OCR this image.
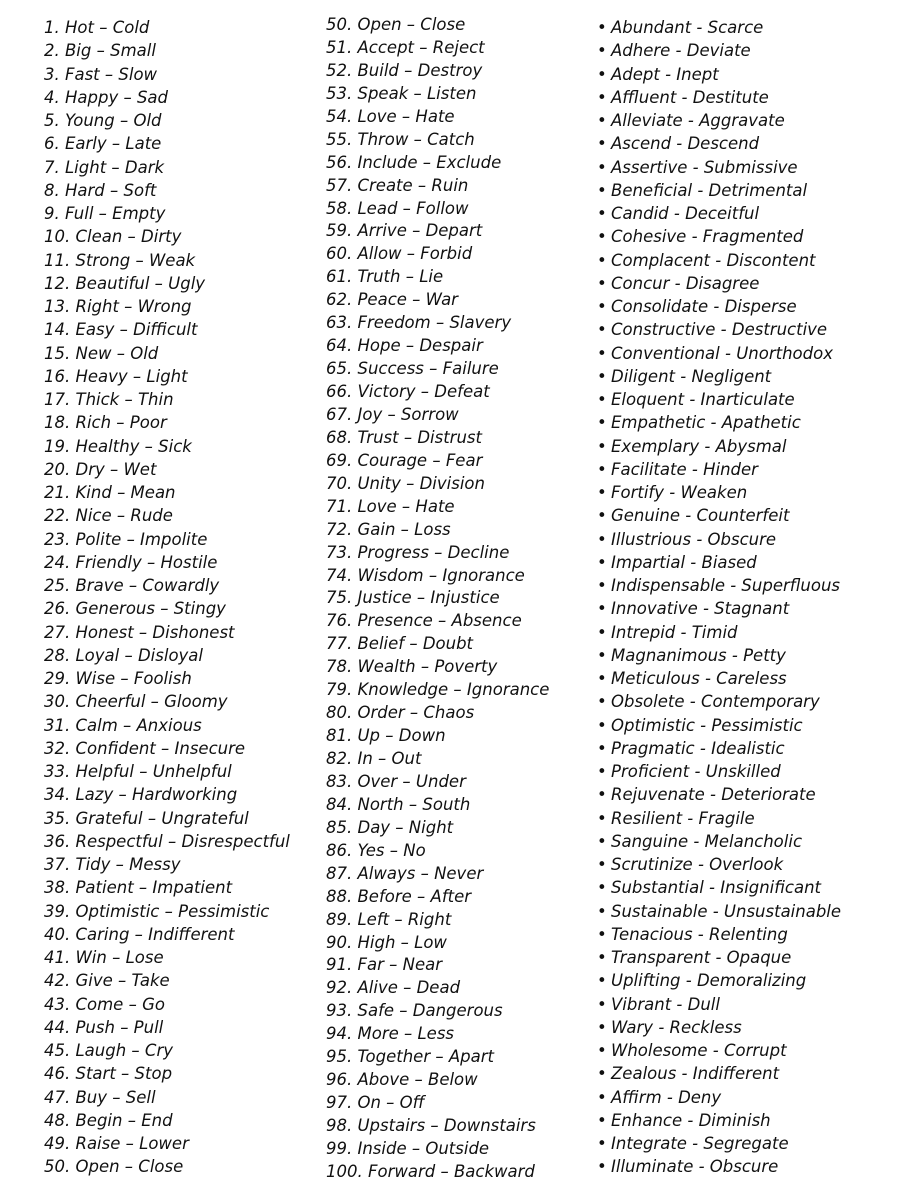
1. Hot – Cold
2. Big – Small
3. Fast – Slow
4. Happy – Sad
5. Young – Old
6. Early – Late
7. Light – Dark
8. Hard – Soft
9. Full – Empty
10. Clean – Dirty
11. Strong – Weak
12. Beautiful – Ugly
13. Right – Wrong
14. Easy – Difficult
15. New – Old
16. Heavy – Light
17. Thick – Thin
18. Rich – Poor
19. Healthy – Sick
20. Dry – Wet
21. Kind – Mean
22. Nice – Rude
23. Polite – Impolite
24. Friendly – Hostile
25. Brave – Cowardly
26. Generous – Stingy
27. Honest – Dishonest
28. Loyal – Disloyal
29. Wise – Foolish
30. Cheerful – Gloomy
31. Calm – Anxious
32. Confident – Insecure
33. Helpful – Unhelpful
34. Lazy – Hardworking
35. Grateful – Ungrateful
36. Respectful – Disrespectful
37. Tidy – Messy
38. Patient – Impatient
39. Optimistic – Pessimistic
40. Caring – Indifferent
41. Win – Lose
42. Give – Take
43. Come – Go
44. Push – Pull
45. Laugh – Cry
46. Start – Stop
47. Buy – Sell
48. Begin – End
49. Raise – Lower
50. Open – Close
50. Open – Close
51. Accept – Reject
52. Build – Destroy
53. Speak – Listen
54. Love – Hate
55. Throw – Catch
56. Include – Exclude
57. Create – Ruin
58. Lead – Follow
59. Arrive – Depart
60. Allow – Forbid
61. Truth – Lie
62. Peace – War
63. Freedom – Slavery
64. Hope – Despair
65. Success – Failure
66. Victory – Defeat
67. Joy – Sorrow
68. Trust – Distrust
69. Courage – Fear
70. Unity – Division
71. Love – Hate
72. Gain – Loss
73. Progress – Decline
74. Wisdom – Ignorance
75. Justice – Injustice
76. Presence – Absence
77. Belief – Doubt
78. Wealth – Poverty
79. Knowledge – Ignorance
80. Order – Chaos
81. Up – Down
82. In – Out
83. Over – Under
84. North – South
85. Day – Night
86. Yes – No
87. Always – Never
88. Before – After
89. Left – Right
90. High – Low
91. Far – Near
92. Alive – Dead
93. Safe – Dangerous
94. More – Less
95. Together – Apart
96. Above – Below
97. On – Off
98. Upstairs – Downstairs
99. Inside – Outside
100. Forward – Backward
• Abundant - Scarce
• Adhere - Deviate
• Adept - Inept
• Affluent - Destitute
• Alleviate - Aggravate
• Ascend - Descend
• Assertive - Submissive
• Beneficial - Detrimental
• Candid - Deceitful
• Cohesive - Fragmented
• Complacent - Discontent
• Concur - Disagree
• Consolidate - Disperse
• Constructive - Destructive
• Conventional - Unorthodox
• Diligent - Negligent
• Eloquent - Inarticulate
• Empathetic - Apathetic
• Exemplary - Abysmal
• Facilitate - Hinder
• Fortify - Weaken
• Genuine - Counterfeit
• Illustrious - Obscure
• Impartial - Biased
• Indispensable - Superfluous
• Innovative - Stagnant
• Intrepid - Timid
• Magnanimous - Petty
• Meticulous - Careless
• Obsolete - Contemporary
• Optimistic - Pessimistic
• Pragmatic - Idealistic
• Proficient - Unskilled
• Rejuvenate - Deteriorate
• Resilient - Fragile
• Sanguine - Melancholic
• Scrutinize - Overlook
• Substantial - Insignificant
• Sustainable - Unsustainable
• Tenacious - Relenting
• Transparent - Opaque
• Uplifting - Demoralizing
• Vibrant - Dull
• Wary - Reckless
• Wholesome - Corrupt
• Zealous - Indifferent
• Affirm - Deny
• Enhance - Diminish
• Integrate - Segregate
• Illuminate - Obscure
